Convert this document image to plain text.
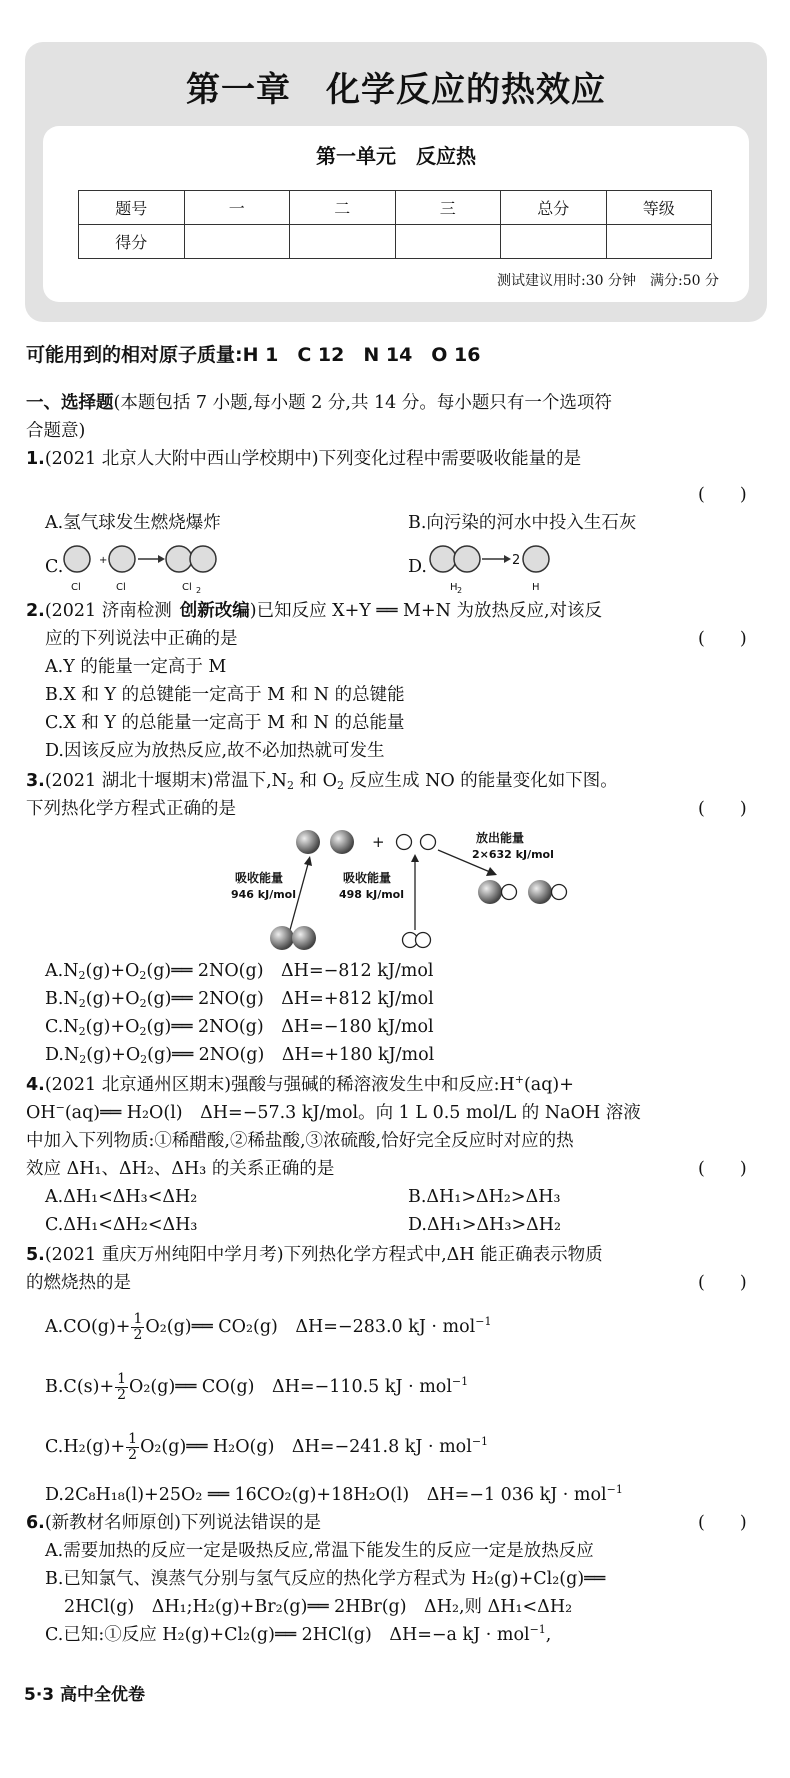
第一章　化学反应的热效应
第一单元　反应热
题号	一	二	三	总分	等级
得分					
测试建议用时:30 分钟　满分:50 分
可能用到的相对原子质量:H 1　C 12　N 14　O 16
一、选择题(本题包括 7 小题,每小题 2 分,共 14 分。每小题只有一个选项符
合题意)
1.(2021 北京人大附中西山学校期中)下列变化过程中需要吸收能量的是
(　　)
A.氢气球发生燃烧爆炸	B.向污染的河水中投入生石灰
C.	+
Cl	Cl	Cl 2
D.	2
H 2	H
2.(2021 济南检测 创新改编)已知反应 X+Y ══ M+N 为放热反应,对该反
应的下列说法中正确的是	(　　)
A.Y 的能量一定高于 M
B.X 和 Y 的总键能一定高于 M 和 N 的总键能
C.X 和 Y 的总能量一定高于 M 和 N 的总能量
D.因该反应为放热反应,故不必加热就可发生
3.(2021 湖北十堰期末)常温下$,N_2$ 和 $O_2$ 反应生成 NO 的能量变化如下图。
下列热化学方程式正确的是	(　　)
+	放出能量
2×632 kJ/mol
吸收能量
946 kJ/mol
吸收能量
498 kJ/mol
$A.N_2(g)+O_2(g)══$ 2NO(g)　ΔH=−812 kJ/mol
$B.N_2(g)+O_2(g)══$ 2NO(g)　ΔH=+812 kJ/mol
$C.N_2(g)+O_2(g)══$ 2NO(g)　ΔH=−180 kJ/mol
$D.N_2(g)+O_2(g)══$ 2NO(g)　ΔH=+180 kJ/mol
4.(2021 北京通州区期末)强酸与强碱的稀溶液发生中和反应:H+(aq)+
OH−(aq)══ H₂O(l)　ΔH=−57.3 kJ/mol。向 1 L 0.5 mol/L 的 NaOH 溶液
中加入下列物质:①稀醋酸,②稀盐酸,③浓硫酸,恰好完全反应时对应的热
效应 ΔH₁、ΔH₂、ΔH₃ 的关系正确的是	(　　)
A.ΔH₁<ΔH₃<ΔH₂	B.ΔH₁>ΔH₂>ΔH₃
C.ΔH₁<ΔH₂<ΔH₃	D.ΔH₁>ΔH₃>ΔH₂
5.(2021 重庆万州纯阳中学月考)下列热化学方程式中,ΔH 能正确表示物质
的燃烧热的是	(　　)
$A.CO(g)+ \frac{1}{2}$ O₂(g)══ CO₂(g)　ΔH=−283.0 kJ · mol$^{-1}$
$B.C(s)+ \frac{1}{2}$ O₂(g)══ CO(g)　ΔH=−110.5 kJ · mol$^{-1}$
$C.H_2(g)+ \frac{1}{2}$ O₂(g)══ H₂O(g)　ΔH=−241.8 kJ · mol$^{-1}$
D.2C₈H₁₈(l)+25O₂ ══ 16CO₂(g)+18H₂O(l)　ΔH=−1 036 kJ · mol$^{-1}$
6.(新教材名师原创)下列说法错误的是	(　　)
A.需要加热的反应一定是吸热反应,常温下能发生的反应一定是放热反应
B.已知氯气、溴蒸气分别与氢气反应的热化学方程式为 H₂(g)+Cl₂(g)══
2HCl(g)　ΔH₁;H₂(g)+Br₂(g)══ 2HBr(g)　ΔH₂,则 ΔH₁<ΔH₂
C.已知:①反应 H₂(g)+Cl₂(g)══ 2HCl(g)　ΔH=−a kJ · mol$^{-1}$,
5·3 高中全优卷
